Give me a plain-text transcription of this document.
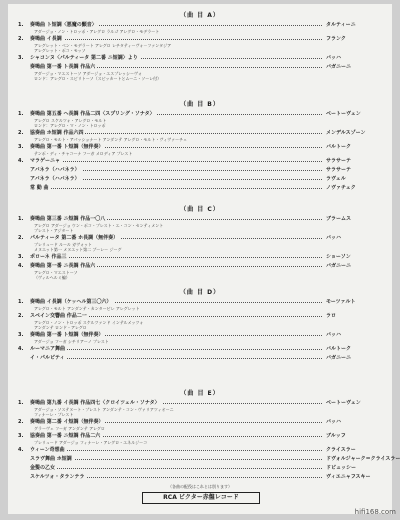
（曲 目 A）
1.	奏鳴曲 ト短調〈悪魔の顫音〉	タルティーニ
アダージョ・ノン・トロッポ・アレグロ ラルゴ アレグロ・モデラート
2.	奏鳴曲 イ長調	フランク
アレグレット・ベン・モデラート アレグロ レチタティーヴォ－ファンタジア
アレグレット・ポコ・モッソ
3.	シャコンヌ〈パルティータ 第二番 ニ短調〉より	バッハ
奏鳴曲 第一番 ト長調 作品六	バガニーニ
アダージョ・マエストーソ アダージョ・エスプレッシーヴォ
ロンド：アレグロ・スピリトーソ（スピッカートとムーニ・ソーレ付）
（曲 目 B）
1.	奏鳴曲 第五番 ヘ長調 作品二四〈スプリング・ソナタ〉	ベートーヴェン
アレグロ スケルツォ・アレグロ・モルト
ロンド：アレグロ・マ・ノン・トロッポ
2.	協奏曲 ホ短調 作品六四	メンデルスゾーン
アレグロ・モルト・アパッショナート アンダンテ アレグロ・モルト・ヴィヴァーチェ
3.	奏鳴曲 第一番 ト短調（無伴奏）	バルトーク
テンポ・ディ・チャコーナ フーガ メロディア プレスト
4.	マラゲーニャ	サラサーテ
アバネラ（ハバネラ）	サラサーテ
アバネラ（ハバネラ）	ラヴェル
常 動 曲	ノヴァチェク
（曲 目 C）
1.	奏鳴曲 第三番 ニ短調 作品一〇八	ブラームス
アレグロ アダージョ ウン・ポコ・プレスト・エ・コン・センティメント
プレスト・アジタート
2.	パルティータ 第二番 ホ長調（無伴奏）	バッハ
プレリュード ルール ガヴォット
メヌエット第一 メヌエット第二 ブーレー ジーグ
3.	ポローネ 作品三	ショーソン
4.	奏鳴曲 第一番 ニ長調 作品六	バガニーニ
アレグロ・マエストーソ
（ヴィルヘルミ編）
（曲 目 D）
1.	奏鳴曲 イ長調（ケッヘル第三〇六）	モーツァルト
アレグロ・モルト アンダンテ・カンタービレ アレグレット
2.	スペイン交響曲 作品二一	ラロ
アレグロ・ノン・トロッポ スケルツァンド インテルメッツォ
アンダンテ ロンド・アレグロ
3.	奏鳴曲 第一番 ト短調（無伴奏）	バッハ
アダージョ フーガ シチリアーノ プレスト
4.	ルーマニア舞曲	バルトーク
イ・パルピティ	バガニーニ
（曲 目 E）
1.	奏鳴曲 第九番 イ長調 作品四七〈クロイツェル・ソナタ〉	ベートーヴェン
アダージョ・ソステヌート・プレスト アンダンテ・コン・ヴァリアツィオーニ
フィナーレ・プレスト
2.	奏鳴曲 第二番 イ短調（無伴奏）	バッハ
グラーヴェ フーガ アンダンテ アレグロ
3.	協奏曲 第一番 ニ短調 作品二六	ブルッフ
プレリュード アダージョ フィナーレ・アレグロ・エネルジーコ
4.	ウィーン奇想曲	クライスラー
スラヴ舞曲 ホ短調	ドヴォルジャーク＝クライスラー
金髪の乙女	ドビュッシー
スケルツォ・タランテラ	ヴィエニャフスキー
（各曲の配役はこれとは別ります）
RCA ビクター赤盤レコード
hifi168.com
